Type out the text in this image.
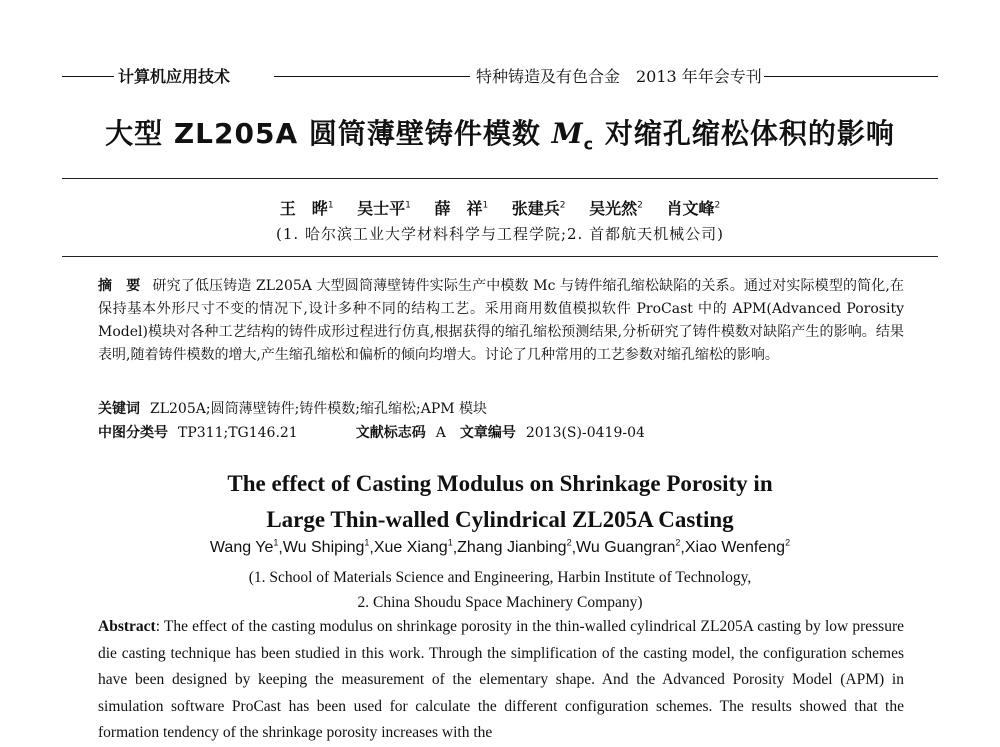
计算机应用技术	特种铸造及有色合金　2013 年年会专刊
大型 ZL205A 圆筒薄壁铸件模数 $M_c$ 对缩孔缩松体积的影响
王　晔$^1$ 吴士平$^1$ 薛　祥$^1$ 张建兵$^2$ 吴光然$^2$ 肖文峰$^2$
(1. 哈尔滨工业大学材料科学与工程学院;2. 首都航天机械公司)
摘　要 研究了低压铸造 ZL205A 大型圆筒薄壁铸件实际生产中模数 Mc 与铸件缩孔缩松缺陷的关系。通过对实际模型的简化,在保持基本外形尺寸不变的情况下,设计多种不同的结构工艺。采用商用数值模拟软件 ProCast 中的 APM(Advanced Porosity Model)模块对各种工艺结构的铸件成形过程进行仿真,根据获得的缩孔缩松预测结果,分析研究了铸件模数对缺陷产生的影响。结果表明,随着铸件模数的增大,产生缩孔缩松和偏析的倾向均增大。讨论了几种常用的工艺参数对缩孔缩松的影响。
关键词 ZL205A;圆筒薄壁铸件;铸件模数;缩孔缩松;APM 模块
中图分类号 TP311;TG146.21	文献标志码 A 文章编号 2013(S)-0419-04
The effect of Casting Modulus on Shrinkage Porosity in
Large Thin-walled Cylindrical ZL205A Casting
Wang Ye$^1$,Wu Shiping$^1$,Xue Xiang$^1$,Zhang Jianbing$^2$,Wu Guangran$^2$,Xiao Wenfeng$^2$
(1. School of Materials Science and Engineering, Harbin Institute of Technology,
2. China Shoudu Space Machinery Company)
Abstract: The effect of the casting modulus on shrinkage porosity in the thin-walled cylindrical ZL205A casting by low pressure die casting technique has been studied in this work. Through the simplification of the casting model, the configuration schemes have been designed by keeping the measurement of the elementary shape. And the Advanced Porosity Model (APM) in simulation software ProCast has been used for calculate the different configuration schemes. The results showed that the formation tendency of the shrinkage porosity increases with the
